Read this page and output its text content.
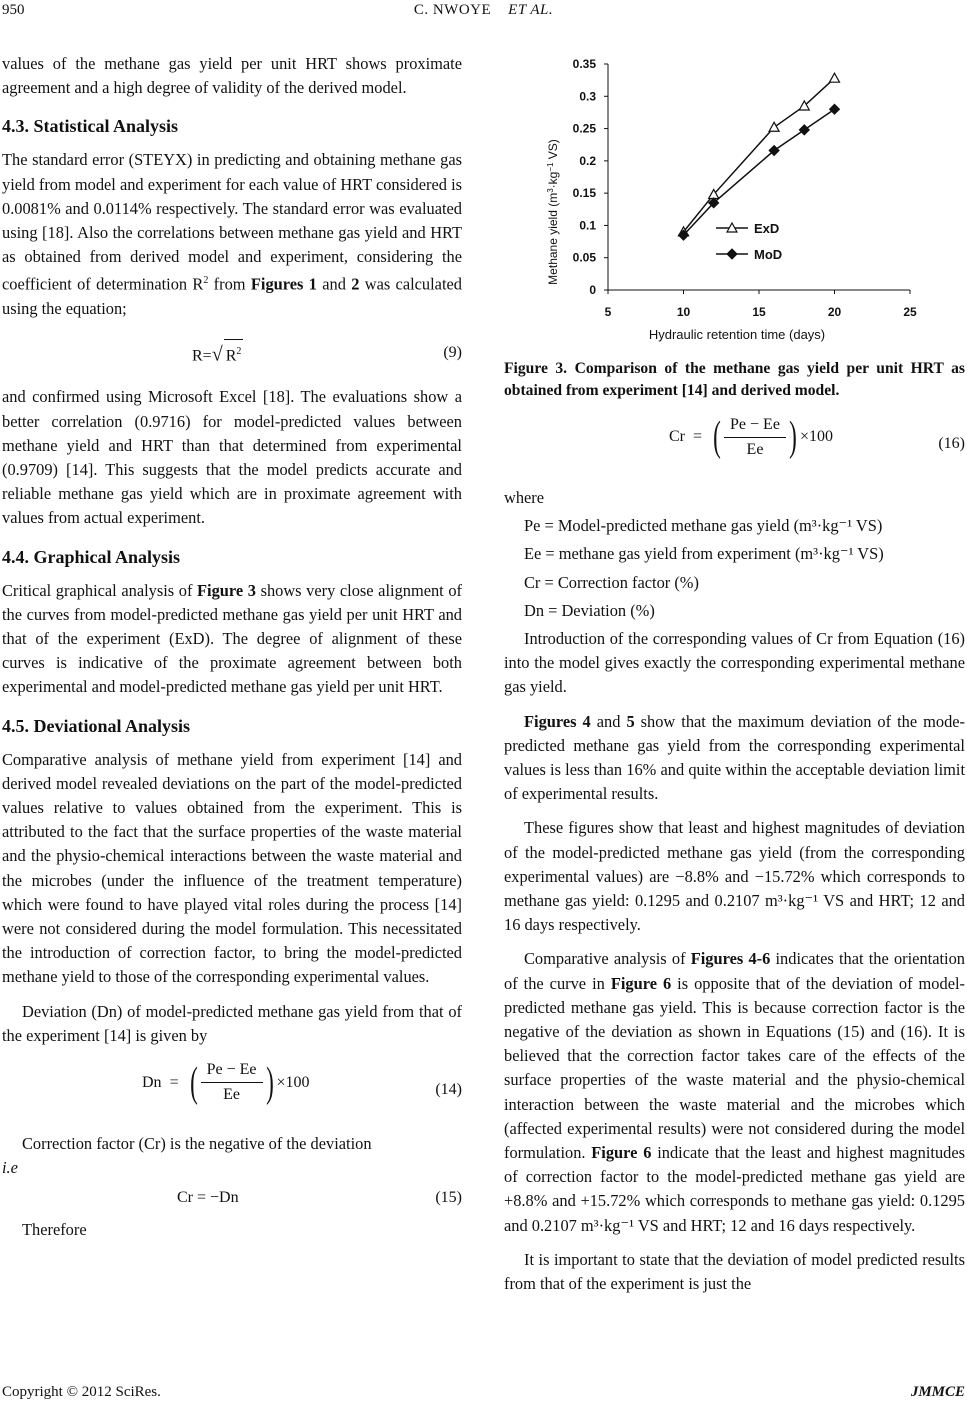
950	C. NWOYE ET AL.

values of the methane gas yield per unit HRT shows proximate agreement and a high degree of validity of the derived model.

4.3. Statistical Analysis

The standard error (STEYX) in predicting and obtaining methane gas yield from model and experiment for each value of HRT considered is 0.0081% and 0.0114% respectively. The standard error was evaluated using [18]. Also the correlations between methane gas yield and HRT as obtained from derived model and experiment, considering the coefficient of determination $R^2$ from Figures 1 and 2 was calculated using the equation;

R=√ $R^2$	(9)

and confirmed using Microsoft Excel [18]. The evaluations show a better correlation (0.9716) for model-predicted values between methane yield and HRT than that determined from experimental (0.9709) [14]. This suggests that the model predicts accurate and reliable methane gas yield which are in proximate agreement with values from actual experiment.

4.4. Graphical Analysis

Critical graphical analysis of Figure 3 shows very close alignment of the curves from model-predicted methane gas yield per unit HRT and that of the experiment (ExD). The degree of alignment of these curves is indicative of the proximate agreement between both experimental and model-predicted methane gas yield per unit HRT.

4.5. Deviational Analysis

Comparative analysis of methane yield from experiment [14] and derived model revealed deviations on the part of the model-predicted values relative to values obtained from the experiment. This is attributed to the fact that the surface properties of the waste material and the physio-chemical interactions between the waste material and the microbes (under the influence of the treatment temperature) which were found to have played vital roles during the process [14] were not considered during the model formulation. This necessitated the introduction of correction factor, to bring the model-predicted methane yield to those of the corresponding experimental values.

Deviation (Dn) of model-predicted methane gas yield from that of the experiment [14] is given by

Dn  =  ( $\frac{Pe - Ee}{Ee}$ ) ×100	(14)

Correction factor (Cr) is the negative of the deviation
i.e

Cr = −Dn	(15)

Therefore

0
0.05
0.1
0.15
0.2
0.25
0.3
0.35
5	10	15	20	25
ExD
MoD
Hydraulic retention time (days)
Methane yield ($m^3\cdot kg^{-1}$ VS)

Figure 3. Comparison of the methane gas yield per unit HRT as obtained from experiment [14] and derived model.

Cr  =  ( $\frac{Pe - Ee}{Ee}$ ) ×100	(16)

where

Pe = Model-predicted methane gas yield (m³·kg⁻¹ VS)

Ee = methane gas yield from experiment (m³·kg⁻¹ VS)

Cr = Correction factor (%)

Dn = Deviation (%)

Introduction of the corresponding values of Cr from Equation (16) into the model gives exactly the corresponding experimental methane gas yield.

Figures 4 and 5 show that the maximum deviation of the mode-predicted methane gas yield from the corresponding experimental values is less than 16% and quite within the acceptable deviation limit of experimental results.

These figures show that least and highest magnitudes of deviation of the model-predicted methane gas yield (from the corresponding experimental values) are −8.8% and −15.72% which corresponds to methane gas yield: 0.1295 and 0.2107 m³·kg⁻¹ VS and HRT; 12 and 16 days respectively.

Comparative analysis of Figures 4-6 indicates that the orientation of the curve in Figure 6 is opposite that of the deviation of model-predicted methane gas yield. This is because correction factor is the negative of the deviation as shown in Equations (15) and (16). It is believed that the correction factor takes care of the effects of the surface properties of the waste material and the physio-chemical interaction between the waste material and the microbes which (affected experimental results) were not considered during the model formulation. Figure 6 indicate that the least and highest magnitudes of correction factor to the model-predicted methane gas yield are +8.8% and +15.72% which corresponds to methane gas yield: 0.1295 and 0.2107 m³·kg⁻¹ VS and HRT; 12 and 16 days respectively.

It is important to state that the deviation of model predicted results from that of the experiment is just the

Copyright © 2012 SciRes.	JMMCE
